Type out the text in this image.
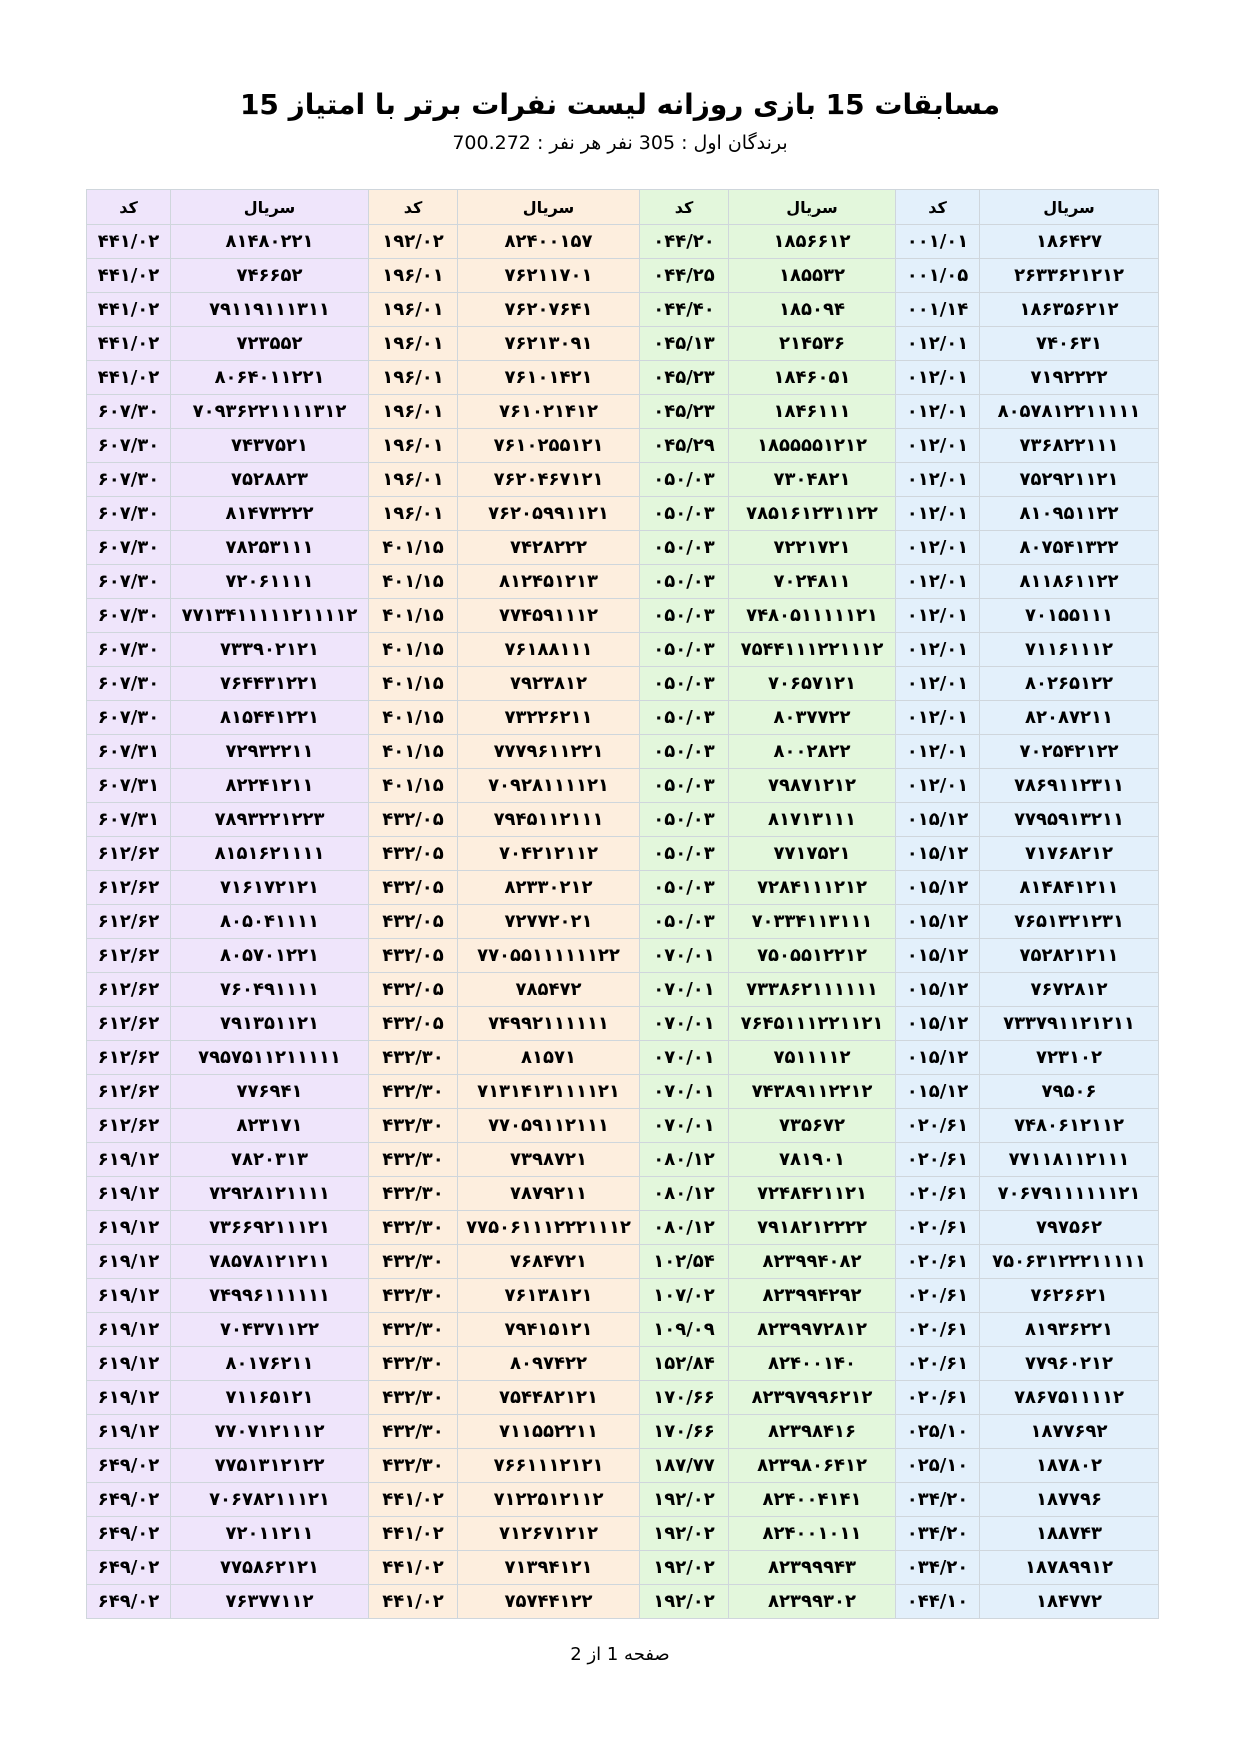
مسابقات 15 بازی روزانه لیست نفرات برتر با امتیاز 15
برندگان اول : 305 نفر هر نفر : 700.272
سریال	کد	سریال	کد	سریال	کد	سریال	کد
۱۸۶۴۲۷	۰۰۱/۰۱	۱۸۵۶۶۱۲	۰۴۴/۲۰	۸۲۴۰۰۱۵۷	۱۹۲/۰۲	۸۱۴۸۰۲۲۱	۴۴۱/۰۲
۲۶۳۳۶۲۱۲۱۲	۰۰۱/۰۵	۱۸۵۵۳۲	۰۴۴/۲۵	۷۶۲۱۱۷۰۱	۱۹۶/۰۱	۷۴۶۶۵۲	۴۴۱/۰۲
۱۸۶۳۵۶۲۱۲	۰۰۱/۱۴	۱۸۵۰۹۴	۰۴۴/۴۰	۷۶۲۰۷۶۴۱	۱۹۶/۰۱	۷۹۱۱۹۱۱۱۳۱۱	۴۴۱/۰۲
۷۴۰۶۳۱	۰۱۲/۰۱	۲۱۴۵۳۶	۰۴۵/۱۳	۷۶۲۱۳۰۹۱	۱۹۶/۰۱	۷۲۳۵۵۲	۴۴۱/۰۲
۷۱۹۲۲۲۲	۰۱۲/۰۱	۱۸۴۶۰۵۱	۰۴۵/۲۳	۷۶۱۰۱۴۲۱	۱۹۶/۰۱	۸۰۶۴۰۱۱۲۲۱	۴۴۱/۰۲
۸۰۵۷۸۱۲۲۱۱۱۱۱	۰۱۲/۰۱	۱۸۴۶۱۱۱	۰۴۵/۲۳	۷۶۱۰۲۱۴۱۲	۱۹۶/۰۱	۷۰۹۳۶۲۲۱۱۱۱۳۱۲	۶۰۷/۳۰
۷۳۶۸۲۲۱۱۱	۰۱۲/۰۱	۱۸۵۵۵۵۱۲۱۲	۰۴۵/۲۹	۷۶۱۰۲۵۵۱۲۱	۱۹۶/۰۱	۷۴۳۷۵۲۱	۶۰۷/۳۰
۷۵۲۹۲۱۱۲۱	۰۱۲/۰۱	۷۳۰۴۸۲۱	۰۵۰/۰۳	۷۶۲۰۴۶۷۱۲۱	۱۹۶/۰۱	۷۵۲۸۸۲۳	۶۰۷/۳۰
۸۱۰۹۵۱۱۲۲	۰۱۲/۰۱	۷۸۵۱۶۱۲۳۱۱۲۲	۰۵۰/۰۳	۷۶۲۰۵۹۹۱۱۲۱	۱۹۶/۰۱	۸۱۴۷۳۲۲۲	۶۰۷/۳۰
۸۰۷۵۴۱۳۲۲	۰۱۲/۰۱	۷۲۲۱۷۲۱	۰۵۰/۰۳	۷۴۲۸۲۲۲	۴۰۱/۱۵	۷۸۲۵۳۱۱۱	۶۰۷/۳۰
۸۱۱۸۶۱۱۲۲	۰۱۲/۰۱	۷۰۲۴۸۱۱	۰۵۰/۰۳	۸۱۲۴۵۱۲۱۳	۴۰۱/۱۵	۷۲۰۶۱۱۱۱	۶۰۷/۳۰
۷۰۱۵۵۱۱۱	۰۱۲/۰۱	۷۴۸۰۵۱۱۱۱۱۲۱	۰۵۰/۰۳	۷۷۴۵۹۱۱۱۲	۴۰۱/۱۵	۷۷۱۳۴۱۱۱۱۱۲۱۱۱۱۲	۶۰۷/۳۰
۷۱۱۶۱۱۱۲	۰۱۲/۰۱	۷۵۴۴۱۱۱۲۲۱۱۱۲	۰۵۰/۰۳	۷۶۱۸۸۱۱۱	۴۰۱/۱۵	۷۳۳۹۰۲۱۲۱	۶۰۷/۳۰
۸۰۲۶۵۱۲۲	۰۱۲/۰۱	۷۰۶۵۷۱۲۱	۰۵۰/۰۳	۷۹۲۳۸۱۲	۴۰۱/۱۵	۷۶۴۴۳۱۲۲۱	۶۰۷/۳۰
۸۲۰۸۷۲۱۱	۰۱۲/۰۱	۸۰۳۷۷۲۲	۰۵۰/۰۳	۷۳۲۲۶۲۱۱	۴۰۱/۱۵	۸۱۵۴۴۱۲۲۱	۶۰۷/۳۰
۷۰۲۵۴۲۱۲۲	۰۱۲/۰۱	۸۰۰۲۸۲۲	۰۵۰/۰۳	۷۷۷۹۶۱۱۲۲۱	۴۰۱/۱۵	۷۲۹۳۲۲۱۱	۶۰۷/۳۱
۷۸۶۹۱۱۲۳۱۱	۰۱۲/۰۱	۷۹۸۷۱۲۱۲	۰۵۰/۰۳	۷۰۹۲۸۱۱۱۱۲۱	۴۰۱/۱۵	۸۲۲۴۱۲۱۱	۶۰۷/۳۱
۷۷۹۵۹۱۳۲۱۱	۰۱۵/۱۲	۸۱۷۱۳۱۱۱	۰۵۰/۰۳	۷۹۴۵۱۱۲۱۱۱	۴۳۲/۰۵	۷۸۹۳۲۲۱۲۲۳	۶۰۷/۳۱
۷۱۷۶۸۲۱۲	۰۱۵/۱۲	۷۷۱۷۵۲۱	۰۵۰/۰۳	۷۰۴۲۱۲۱۱۲	۴۳۲/۰۵	۸۱۵۱۶۲۱۱۱۱	۶۱۲/۶۲
۸۱۴۸۴۱۲۱۱	۰۱۵/۱۲	۷۲۸۴۱۱۱۲۱۲	۰۵۰/۰۳	۸۲۳۳۰۲۱۲	۴۳۲/۰۵	۷۱۶۱۷۲۱۲۱	۶۱۲/۶۲
۷۶۵۱۳۲۱۲۳۱	۰۱۵/۱۲	۷۰۳۳۴۱۱۳۱۱۱	۰۵۰/۰۳	۷۲۷۷۲۰۲۱	۴۳۲/۰۵	۸۰۵۰۴۱۱۱۱	۶۱۲/۶۲
۷۵۲۸۲۱۲۱۱	۰۱۵/۱۲	۷۵۰۵۵۱۲۲۱۲	۰۷۰/۰۱	۷۷۰۵۵۱۱۱۱۱۱۲۲	۴۳۲/۰۵	۸۰۵۷۰۱۲۲۱	۶۱۲/۶۲
۷۶۷۲۸۱۲	۰۱۵/۱۲	۷۳۳۸۶۲۱۱۱۱۱۱	۰۷۰/۰۱	۷۸۵۴۷۲	۴۳۲/۰۵	۷۶۰۴۹۱۱۱۱	۶۱۲/۶۲
۷۳۳۷۹۱۱۲۱۲۱۱	۰۱۵/۱۲	۷۶۴۵۱۱۱۲۲۱۱۲۱	۰۷۰/۰۱	۷۴۹۹۲۱۱۱۱۱۱	۴۳۲/۰۵	۷۹۱۳۵۱۱۲۱	۶۱۲/۶۲
۷۲۳۱۰۲	۰۱۵/۱۲	۷۵۱۱۱۱۲	۰۷۰/۰۱	۸۱۵۷۱	۴۳۲/۳۰	۷۹۵۷۵۱۱۲۱۱۱۱۱	۶۱۲/۶۲
۷۹۵۰۶	۰۱۵/۱۲	۷۴۳۸۹۱۱۲۲۱۲	۰۷۰/۰۱	۷۱۳۱۴۱۳۱۱۱۱۲۱	۴۳۲/۳۰	۷۷۶۹۴۱	۶۱۲/۶۲
۷۴۸۰۶۱۲۱۱۲	۰۲۰/۶۱	۷۳۵۶۷۲	۰۷۰/۰۱	۷۷۰۵۹۱۱۲۱۱۱	۴۳۲/۳۰	۸۲۳۱۷۱	۶۱۲/۶۲
۷۷۱۱۸۱۱۲۱۱۱	۰۲۰/۶۱	۷۸۱۹۰۱	۰۸۰/۱۲	۷۳۹۸۷۲۱	۴۳۲/۳۰	۷۸۲۰۳۱۳	۶۱۹/۱۲
۷۰۶۷۹۱۱۱۱۱۱۲۱	۰۲۰/۶۱	۷۲۴۸۴۲۱۱۲۱	۰۸۰/۱۲	۷۸۷۹۲۱۱	۴۳۲/۳۰	۷۲۹۲۸۱۲۱۱۱۱	۶۱۹/۱۲
۷۹۷۵۶۲	۰۲۰/۶۱	۷۹۱۸۲۱۲۲۲۲	۰۸۰/۱۲	۷۷۵۰۶۱۱۱۲۲۲۱۱۱۲	۴۳۲/۳۰	۷۳۶۶۹۲۱۱۱۲۱	۶۱۹/۱۲
۷۵۰۶۳۱۲۲۲۱۱۱۱۱	۰۲۰/۶۱	۸۲۳۹۹۴۰۸۲	۱۰۲/۵۴	۷۶۸۴۷۲۱	۴۳۲/۳۰	۷۸۵۷۸۱۲۱۲۱۱	۶۱۹/۱۲
۷۶۲۶۶۲۱	۰۲۰/۶۱	۸۲۳۹۹۴۲۹۲	۱۰۷/۰۲	۷۶۱۳۸۱۲۱	۴۳۲/۳۰	۷۴۹۹۶۱۱۱۱۱۱	۶۱۹/۱۲
۸۱۹۳۶۲۲۱	۰۲۰/۶۱	۸۲۳۹۹۷۲۸۱۲	۱۰۹/۰۹	۷۹۴۱۵۱۲۱	۴۳۲/۳۰	۷۰۴۳۷۱۱۲۲	۶۱۹/۱۲
۷۷۹۶۰۲۱۲	۰۲۰/۶۱	۸۲۴۰۰۱۴۰	۱۵۲/۸۴	۸۰۹۷۴۲۲	۴۳۲/۳۰	۸۰۱۷۶۲۱۱	۶۱۹/۱۲
۷۸۶۷۵۱۱۱۱۲	۰۲۰/۶۱	۸۲۳۹۷۹۹۶۲۱۲	۱۷۰/۶۶	۷۵۴۴۸۲۱۲۱	۴۳۲/۳۰	۷۱۱۶۵۱۲۱	۶۱۹/۱۲
۱۸۷۷۶۹۲	۰۲۵/۱۰	۸۲۳۹۸۴۱۶	۱۷۰/۶۶	۷۱۱۵۵۲۲۱۱	۴۳۲/۳۰	۷۷۰۷۱۲۱۱۱۲	۶۱۹/۱۲
۱۸۷۸۰۲	۰۲۵/۱۰	۸۲۳۹۸۰۶۴۱۲	۱۸۷/۷۷	۷۶۶۱۱۱۲۱۲۱	۴۳۲/۳۰	۷۷۵۱۳۱۲۱۲۲	۶۴۹/۰۲
۱۸۷۷۹۶	۰۳۴/۲۰	۸۲۴۰۰۴۱۴۱	۱۹۲/۰۲	۷۱۲۲۵۱۲۱۱۲	۴۴۱/۰۲	۷۰۶۷۸۲۱۱۱۲۱	۶۴۹/۰۲
۱۸۸۷۴۳	۰۳۴/۲۰	۸۲۴۰۰۱۰۱۱	۱۹۲/۰۲	۷۱۲۶۷۱۲۱۲	۴۴۱/۰۲	۷۲۰۱۱۲۱۱	۶۴۹/۰۲
۱۸۷۸۹۹۱۲	۰۳۴/۲۰	۸۲۳۹۹۹۴۳	۱۹۲/۰۲	۷۱۳۹۴۱۲۱	۴۴۱/۰۲	۷۷۵۸۶۲۱۲۱	۶۴۹/۰۲
۱۸۴۷۷۲	۰۴۴/۱۰	۸۲۳۹۹۳۰۲	۱۹۲/۰۲	۷۵۷۴۴۱۲۲	۴۴۱/۰۲	۷۶۳۷۷۱۱۲	۶۴۹/۰۲
صفحه 1 از 2
